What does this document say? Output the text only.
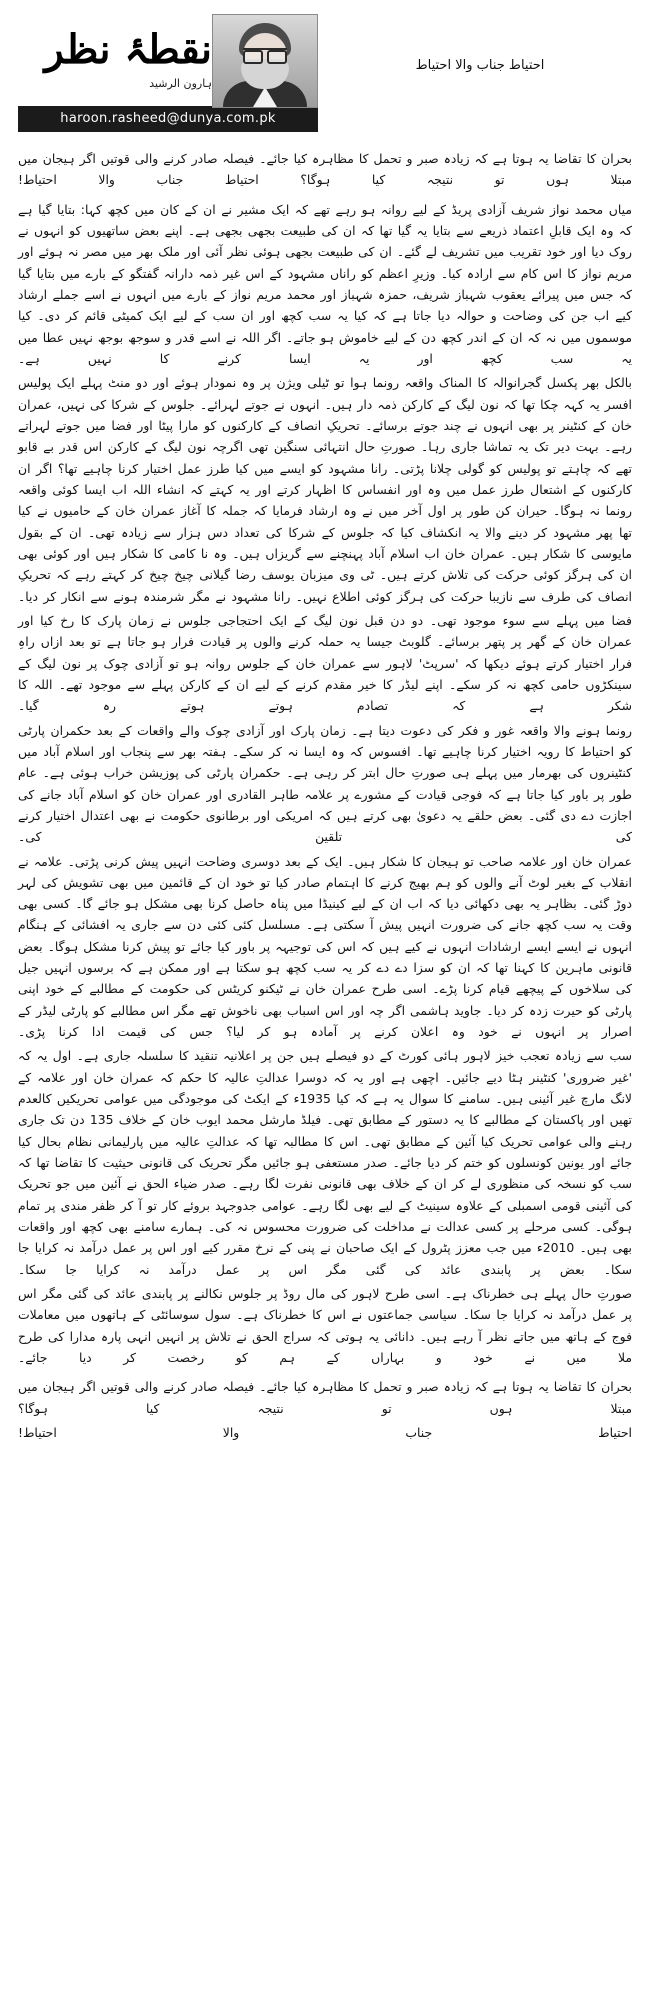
احتیاط جناب والا احتیاط
نقطۂ نظر
ہارون الرشید
haroon.rasheed@dunya.com.pk

بحران کا تقاضا یہ ہوتا ہے کہ زیادہ صبر و تحمل کا مظاہرہ کیا جائے۔ فیصلہ صادر کرنے والی قوتیں اگر ہیجان میں مبتلا ہوں تو نتیجہ کیا ہوگا؟ احتیاط جناب والا احتیاط!

میاں محمد نواز شریف آزادی پریڈ کے لیے روانہ ہو رہے تھے کہ ایک مشیر نے ان کے کان میں کچھ کہا: بتایا گیا ہے کہ وہ ایک قابلِ اعتماد ذریعے سے بتایا یہ گیا تھا کہ ان کی طبیعت بجھی بجھی ہے۔ اپنے بعض ساتھیوں کو انہوں نے روک دیا اور خود تقریب میں تشریف لے گئے۔ ان کی طبیعت بجھی ہوئی نظر آئی اور ملک بھر میں مصر نہ ہوئے اور مریم نواز کا اس کام سے ارادہ کیا۔ وزیرِ اعظم کو راناں مشہود کے اس غیر ذمہ دارانہ گفتگو کے بارے میں بتایا گیا کہ جس میں پیرائے یعقوب شہباز شریف، حمزہ شہباز اور محمد مریم نواز کے بارے میں انہوں نے اسے جملے ارشاد کیے اب جن کی وضاحت و حوالہ دیا جاتا ہے کہ کیا یہ سب کچھ اور ان سب کے لیے ایک کمیٹی قائم کر دی۔ کیا موسموں میں نہ کہ ان کے اندر کچھ دن کے لیے خاموش ہو جاتے۔ اگر اللہ نے اسے قدر و سوجھ بوجھ نہیں عطا میں یہ سب کچھ اور یہ ایسا کرنے کا نہیں ہے۔

بالکل بھر پکسل گجرانوالہ کا المناک واقعہ رونما ہوا تو ٹیلی ویژن پر وہ نمودار ہوئے اور دو منٹ پہلے ایک پولیس افسر یہ کہہ چکا تھا کہ نون لیگ کے کارکن ذمہ دار ہیں۔ انہوں نے جوتے لہرائے۔ جلوس کے شرکا کی نہیں، عمران خان کے کنٹینر پر بھی انہوں نے چند جوتے برسائے۔ تحریکِ انصاف کے کارکنوں کو مارا پیٹا اور فضا میں جوتے لہراتے رہے۔ بہت دیر تک یہ تماشا جاری رہا۔ صورتِ حال انتہائی سنگین تھی اگرچہ نون لیگ کے کارکن اس قدر بے قابو تھے کہ چاہتے تو پولیس کو گولی چلانا پڑتی۔ رانا مشہود کو ایسے میں کیا طرز عمل اختیار کرنا چاہیے تھا؟ اگر ان کارکنوں کے اشتعال طرز عمل میں وہ اور انفساس کا اظہار کرتے اور یہ کہتے کہ انشاء اللہ اب ایسا کوئی واقعہ رونما نہ ہوگا۔ حیران کن طور پر اول آخر میں نے وہ ارشاد فرمایا کہ جملہ کا آغاز عمران خان کے حامیوں نے کیا تھا پھر مشہود کر دینے والا یہ انکشاف کیا کہ جلوس کے شرکا کی تعداد دس ہزار سے زیادہ تھی۔ ان کے بقول مایوسی کا شکار ہیں۔ عمران خان اب اسلام آباد پہنچنے سے گریزاں ہیں۔ وہ نا کامی کا شکار ہیں اور کوئی بھی ان کی ہرگز کوئی حرکت کی تلاش کرتے ہیں۔ ٹی وی میزبان یوسف رضا گیلانی چیخ چیخ کر کہتے رہے کہ تحریکِ انصاف کی طرف سے نازیبا حرکت کی ہرگز کوئی اطلاع نہیں۔ رانا مشہود نے مگر شرمندہ ہونے سے انکار کر دیا۔

فضا میں پہلے سے سوء موجود تھی۔ دو دن قبل نون لیگ کے ایک احتجاجی جلوس نے زمان پارک کا رخ کیا اور عمران خان کے گھر پر پتھر برسائے۔ گلوبٹ جیسا یہ حملہ کرنے والوں پر قیادت فرار ہو جاتا ہے تو بعد ازاں راہِ فرار اختیار کرتے ہوئے دیکھا کہ 'سرپٹ' لاہور سے عمران خان کے جلوس روانہ ہو تو آزادی چوک پر نون لیگ کے سینکڑوں حامی کچھ نہ کر سکے۔ اپنے لیڈر کا خیر مقدم کرنے کے لیے ان کے کارکن پہلے سے موجود تھے۔ اللہ کا شکر ہے کہ تصادم ہوتے ہوتے رہ گیا۔

رونما ہونے والا واقعہ غور و فکر کی دعوت دیتا ہے۔ زمان پارک اور آزادی چوک والے واقعات کے بعد حکمران پارٹی کو احتیاط کا رویہ اختیار کرنا چاہیے تھا۔ افسوس کہ وہ ایسا نہ کر سکے۔ ہفتہ بھر سے پنجاب اور اسلام آباد میں کنٹینروں کی بھرمار میں پہلے ہی صورتِ حال ابتر کر رہی ہے۔ حکمران پارٹی کی پوزیشن خراب ہوئی ہے۔ عام طور پر باور کیا جاتا ہے کہ فوجی قیادت کے مشورے پر علامہ طاہر القادری اور عمران خان کو اسلام آباد جانے کی اجازت دے دی گئی۔ بعض حلقے یہ دعویٰ بھی کرتے ہیں کہ امریکی اور برطانوی حکومت نے بھی اعتدال اختیار کرنے کی تلقین کی۔

عمران خان اور علامہ صاحب تو ہیجان کا شکار ہیں۔ ایک کے بعد دوسری وضاحت انہیں پیش کرنی پڑتی۔ علامہ نے انقلاب کے بغیر لوٹ آنے والوں کو ہم بھیج کرنے کا اہتمام صادر کیا تو خود ان کے قائمین میں بھی تشویش کی لہر دوڑ گئی۔ بظاہر یہ بھی دکھائی دیا کہ اب ان کے لیے کینیڈا میں پناہ حاصل کرنا بھی مشکل ہو جائے گا۔ کسی بھی وقت یہ سب کچھ جانے کی ضرورت انہیں پیش آ سکتی ہے۔ مسلسل کئی کئی دن سے جاری یہ افشائی کے ہنگام انہوں نے ایسے ایسے ارشادات انہوں نے کیے ہیں کہ اس کی توجیہہ پر باور کیا جائے تو پیش کرنا مشکل ہوگا۔ بعض قانونی ماہرین کا کہنا تھا کہ ان کو سزا دے دے کر یہ سب کچھ ہو سکتا ہے اور ممکن ہے کہ برسوں انہیں جیل کی سلاخوں کے پیچھے قیام کرنا پڑے۔ اسی طرح عمران خان نے ٹیکنو کریٹس کی حکومت کے مطالبے کے خود اپنی پارٹی کو حیرت زدہ کر دیا۔ جاوید ہاشمی اگر چہ اور اس اسباب بھی ناخوش تھے مگر اس مطالبے کو پارٹی لیڈر کے اصرار پر انہوں نے خود وہ اعلان کرنے پر آمادہ ہو کر لیا؟ جس کی قیمت ادا کرنا پڑی۔

سب سے زیادہ تعجب خیز لاہور ہائی کورٹ کے دو فیصلے ہیں جن پر اعلانیہ تنقید کا سلسلہ جاری ہے۔ اول یہ کہ 'غیر ضروری' کنٹینر ہٹا دیے جائیں۔ اچھی ہے اور یہ کہ دوسرا عدالتِ عالیہ کا حکم کہ عمران خان اور علامہ کے لانگ مارچ غیر آئینی ہیں۔ سامنے کا سوال یہ ہے کہ کیا 1935ء کے ایکٹ کی موجودگی میں عوامی تحریکیں کالعدم تھیں اور پاکستان کے مطالبے کا یہ دستور کے مطابق تھی۔ فیلڈ مارشل محمد ایوب خان کے خلاف 135 دن تک جاری رہنے والی عوامی تحریک کیا آئین کے مطابق تھی۔ اس کا مطالبہ تھا کہ عدالتِ عالیہ میں پارلیمانی نظام بحال کیا جائے اور یونین کونسلوں کو ختم کر دیا جائے۔ صدر مستعفی ہو جائیں مگر تحریک کی قانونی حیثیت کا تقاضا تھا کہ سب کو نسخہ کی منظوری لے کر ان کے خلاف بھی قانونی نفرت لگا رہے۔ صدر ضیاء الحق نے آئین میں جو تحریک کی آئینی قومی اسمبلی کے علاوہ سینیٹ کے لیے بھی لگا رہے۔ عوامی جدوجہد بروئے کار تو آ کر ظفر مندی پر تمام ہوگی۔ کسی مرحلے پر کسی عدالت نے مداخلت کی ضرورت محسوس نہ کی۔ ہمارے سامنے بھی کچھ اور واقعات بھی ہیں۔ 2010ء میں جب معزز پٹرول کے ایک صاحبان نے پنی کے نرخ مقرر کیے اور اس پر عمل درآمد نہ کرایا جا سکا۔ بعض پر پابندی عائد کی گئی مگر اس پر عمل درآمد نہ کرایا جا سکا۔

صورتِ حال پہلے ہی خطرناک ہے۔ اسی طرح لاہور کی مال روڈ پر جلوس نکالنے پر پابندی عائد کی گئی مگر اس پر عمل درآمد نہ کرایا جا سکا۔ سیاسی جماعتوں نے اس کا خطرناک ہے۔ سول سوسائٹی کے ہاتھوں میں معاملات فوج کے ہاتھ میں جاتے نظر آ رہے ہیں۔ دانائی یہ ہوتی کہ سراج الحق نے تلاش پر انہیں انہی پارہ مدارا کی طرح ملا میں نے خود و بہاراں کے ہم کو رخصت کر دیا جائے۔

بحران کا تقاضا یہ ہوتا ہے کہ زیادہ صبر و تحمل کا مظاہرہ کیا جائے۔ فیصلہ صادر کرنے والی قوتیں اگر ہیجان میں مبتلا ہوں تو نتیجہ کیا ہوگا؟

احتیاط جناب والا احتیاط!
